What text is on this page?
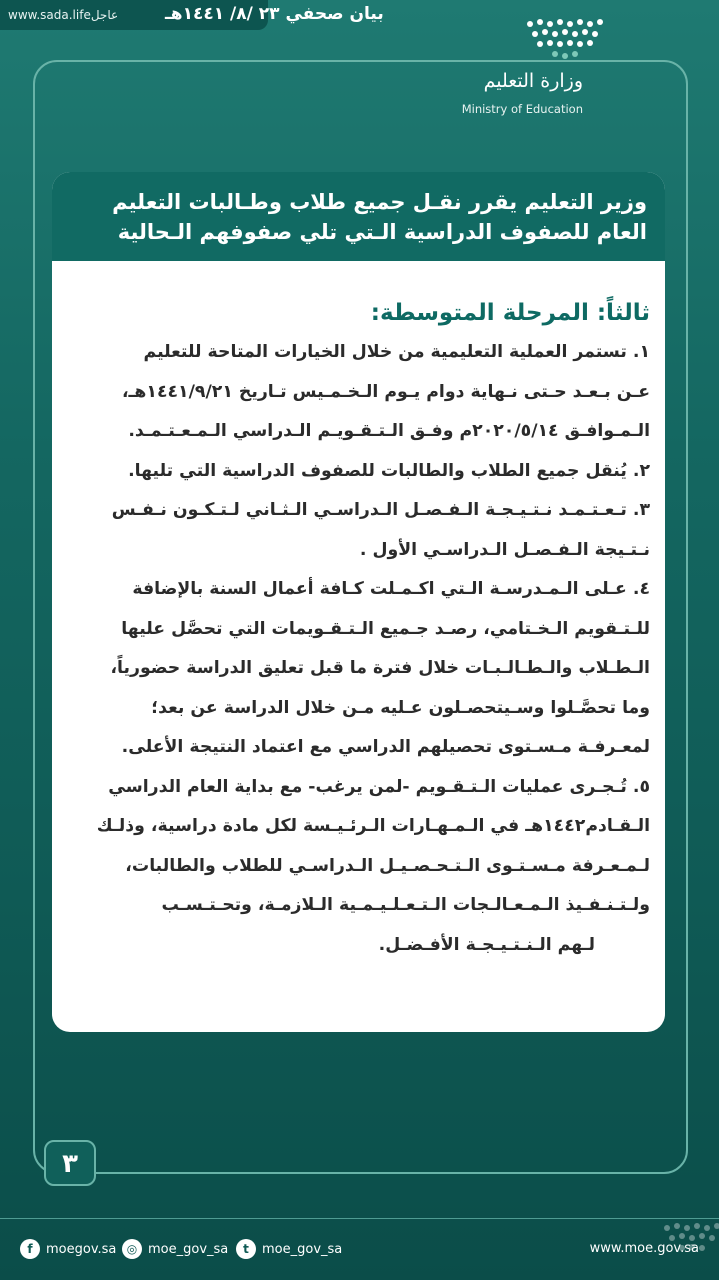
www.sada.lifeعاجل	بيان صحفي ٢٣ /٨/ ١٤٤١هـ
وزارة التعليم
Ministry of Education
وزير التعليم يقرر نقـل جميع طلاب وطـالبات التعليم
العام للصفوف الدراسية الـتي تلي صفوفهم الـحالية
ثالثاً: المرحلة المتوسطة:
١. تستمر العملية التعليمية من خلال الخيارات المتاحة للتعليم
عـن بـعـد حـتى نـهاية دوام يـوم الـخـمـيس تـاريخ ١٤٤١/٩/٢١هـ،
الـمـوافـق ٢٠٢٠/٥/١٤م وفـق الـتـقـويـم الـدراسي الـمـعـتـمـد.
٢. يُنقل جميع الطلاب والطالبات للصفوف الدراسية التي تليها.
٣. تـعـتـمـد نـتـيـجـة الـفـصـل الـدراسـي الـثـاني لـتـكـون نـفـس
نـتـيجة الـفـصـل الـدراسـي الأول .
٤. عـلى الـمـدرسـة الـتي اكـمـلت كـافة أعمال السنة بالإضافة
للـتـقويم الـخـتامي، رصـد جـميع الـتـقـويمات التي تحصَّل عليها
الـطـلاب والـطـالـبـات خلال فترة ما قبل تعليق الدراسة حضورياً،
وما تحصَّـلوا وسـيتحصـلون عـليه مـن خلال الدراسة عن بعد؛
لمعـرفـة مـسـتوى تحصيلهم الدراسي مع اعتماد النتيجة الأعلى.
٥. تُـجـرى عمليات الـتـقـويم -لمن يرغب- مع بداية العام الدراسي
الـقـادم١٤٤٢هـ في الـمـهـارات الـرئـيـسة لكل مادة دراسية، وذلـك
لـمـعـرفة مـسـتـوى الـتـحـصـيـل الـدراسـي للطلاب والطالبات،
ولـتـنـفـيذ الـمـعـالـجات الـتـعـلـيـمـية الـلازمـة، وتحـتـسـب
لـهم الـنـتـيـجـة الأفـضـل.
٣
f	moegov.sa ◎ moe_gov_sa	t	moe_gov_sa	www.moe.gov.sa
